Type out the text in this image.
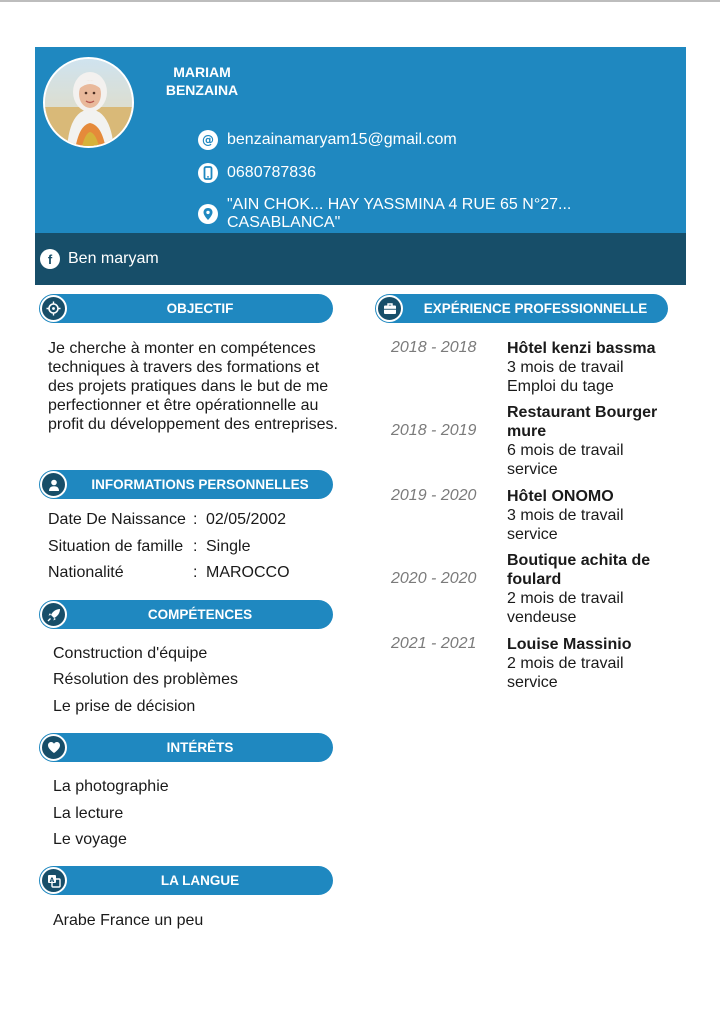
MARIAM
BENZAINA
@ benzainamaryam15@gmail.com
0680787836
"AIN CHOK... HAY YASSMINA 4 RUE 65 N°27... CASABLANCA"
f Ben maryam
OBJECTIF
Je cherche à monter en compétences techniques à travers des formations et des projets pratiques dans le but de me perfectionner et être opérationnelle au profit du développement des entreprises.
INFORMATIONS PERSONNELLES
Date De Naissance : 02/05/2002
Situation de famille : Single
Nationalité	: MAROCCO
COMPÉTENCES
Construction d'équipe
Résolution des problèmes
Le prise de décision
INTÉRÊTS
La photographie
La lecture
Le voyage
A	LA LANGUE
Arabe France un peu
EXPÉRIENCE PROFESSIONNELLE
2018 - 2018 Hôtel kenzi bassma
3 mois de travail
Emploi du tage
2018 - 2019
Restaurant Bourger mure
6 mois de travail
service
2019 - 2020 Hôtel ONOMO
3 mois de travail
service
2020 - 2020
Boutique achita de foulard
2 mois de travail
vendeuse
2021 - 2021 Louise Massinio
2 mois de travail
service
